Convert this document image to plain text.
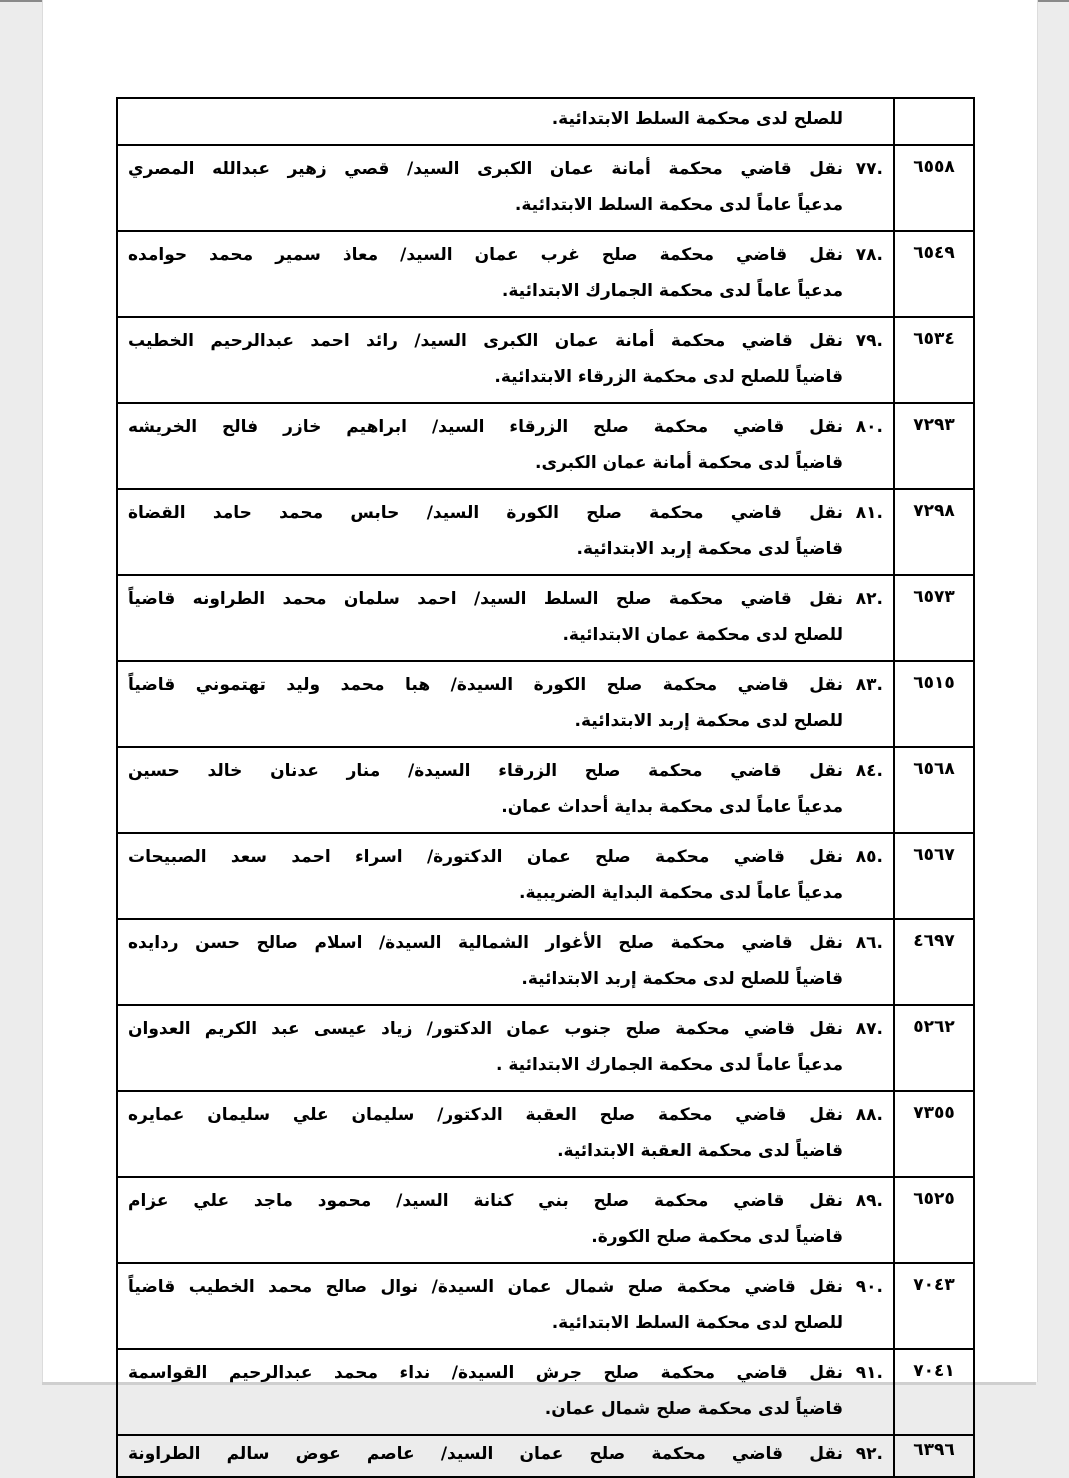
	للصلح لدى محكمة السلط الابتدائية.

٦٥٥٨	.٧٧
نقل قاضي محكمة أمانة عمان الكبرى السيد/ قصي زهير عبدالله المصري
مدعياً عاماً لدى محكمة السلط الابتدائية.

٦٥٤٩	.٧٨
نقل قاضي محكمة صلح غرب عمان السيد/ معاذ سمير محمد حوامده
مدعياً عاماً لدى محكمة الجمارك الابتدائية.

٦٥٣٤	.٧٩
نقل قاضي محكمة أمانة عمان الكبرى السيد/ رائد احمد عبدالرحيم الخطيب
قاضياً للصلح لدى محكمة الزرقاء الابتدائية.

٧٢٩٣	.٨٠
نقل قاضي محكمة صلح الزرقاء السيد/ ابراهيم خازر فالح الخريشه
قاضياً لدى محكمة أمانة عمان الكبرى.

٧٢٩٨	.٨١
نقل قاضي محكمة صلح الكورة السيد/ حابس محمد حامد القضاة
قاضياً لدى محكمة إربد الابتدائية.

٦٥٧٣	.٨٢
نقل قاضي محكمة صلح السلط السيد/ احمد سلمان محمد الطراونه قاضياً
للصلح لدى محكمة عمان الابتدائية.

٦٥١٥	.٨٣
نقل قاضي محكمة صلح الكورة السيدة/ هبا محمد وليد تهتموني قاضياً
للصلح لدى محكمة إربد الابتدائية.

٦٥٦٨	.٨٤
نقل قاضي محكمة صلح الزرقاء السيدة/ منار عدنان خالد حسين
مدعياً عاماً لدى محكمة بداية أحداث عمان.

٦٥٦٧	.٨٥
نقل قاضي محكمة صلح عمان الدكتورة/ اسراء احمد سعد الصبيحات
مدعياً عاماً لدى محكمة البداية الضريبية.

٤٦٩٧	.٨٦
نقل قاضي محكمة صلح الأغوار الشمالية السيدة/ اسلام صالح حسن ردايده
قاضياً للصلح لدى محكمة إربد الابتدائية.

٥٢٦٢	.٨٧
نقل قاضي محكمة صلح جنوب عمان الدكتور/ زياد عيسى عبد الكريم العدوان
مدعياً عاماً لدى محكمة الجمارك الابتدائية .

٧٣٥٥	.٨٨
نقل قاضي محكمة صلح العقبة الدكتور/ سليمان علي سليمان عمايره
قاضياً لدى محكمة العقبة الابتدائية.

٦٥٢٥	.٨٩
نقل قاضي محكمة صلح بني كنانة السيد/ محمود ماجد علي عزام
قاضياً لدى محكمة صلح الكورة.

٧٠٤٣	.٩٠
نقل قاضي محكمة صلح شمال عمان السيدة/ نوال صالح محمد الخطيب قاضياً
للصلح لدى محكمة السلط الابتدائية.

٧٠٤١	.٩١
نقل قاضي محكمة صلح جرش السيدة/ نداء محمد عبدالرحيم القواسمة
قاضياً لدى محكمة صلح شمال عمان.

٦٣٩٦	.٩٢
نقل قاضي محكمة صلح عمان السيد/ عاصم عوض سالم الطراونة
